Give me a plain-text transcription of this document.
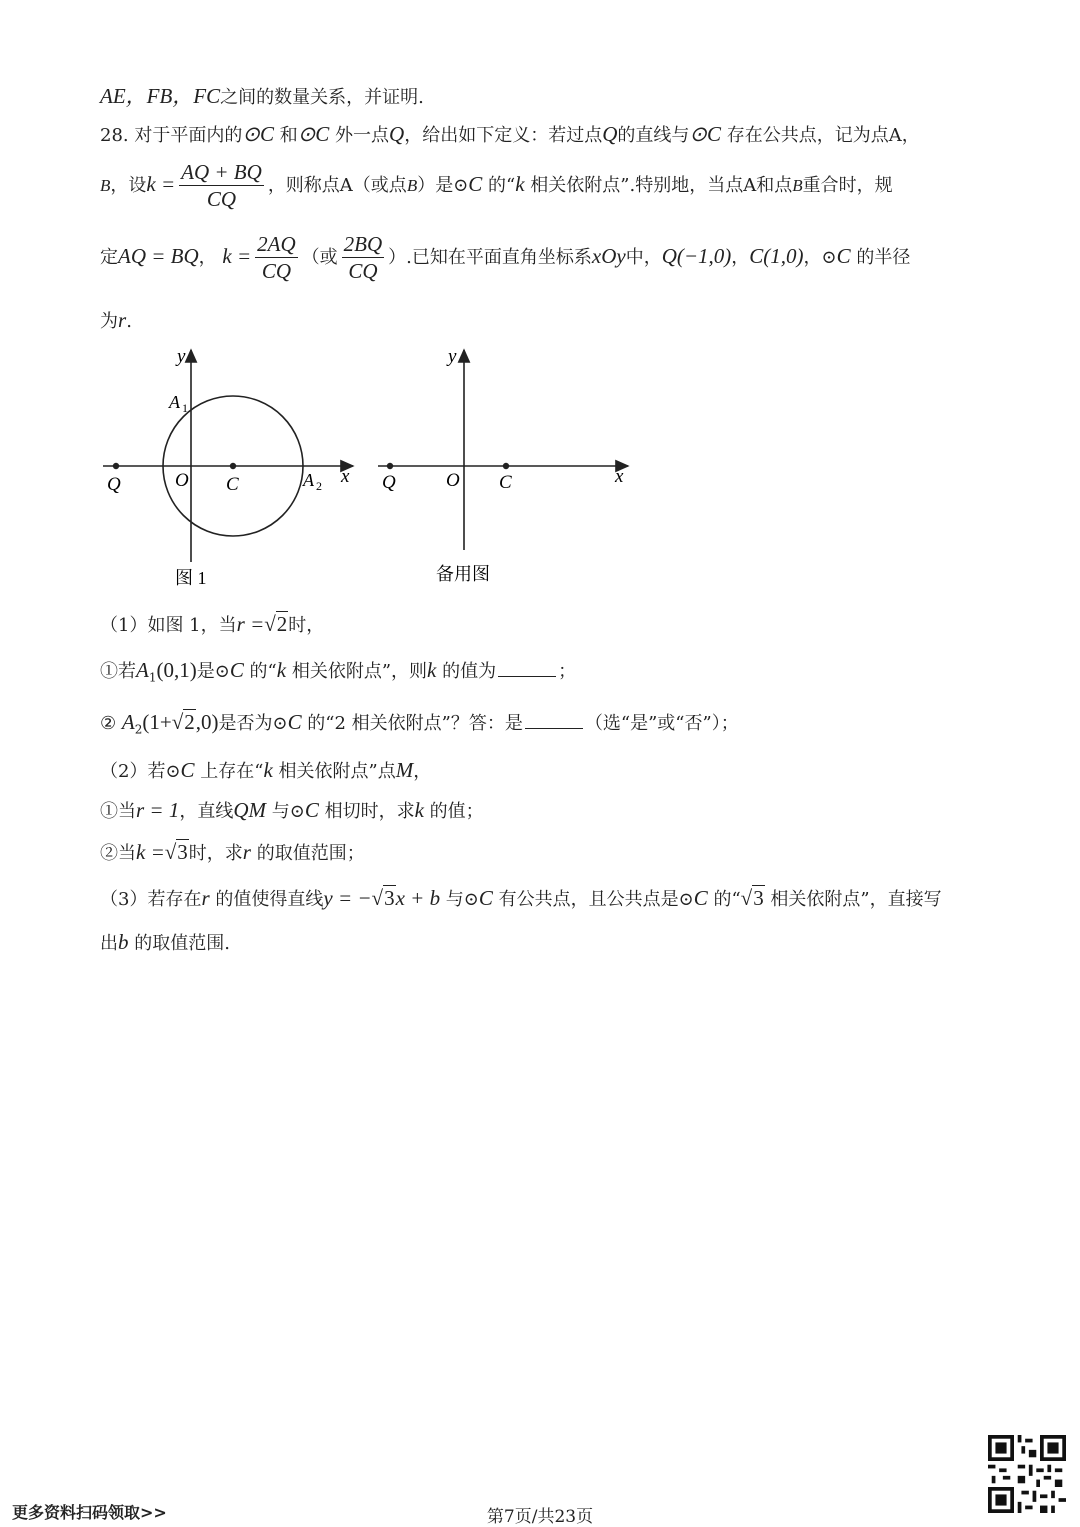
AE，FB，FC之间的数量关系，并证明.
28. 对于平面内的⊙C 和⊙C 外一点Q，给出如下定义：若过点Q的直线与⊙C 存在公共点，记为点A，
B，设$k = \frac{AQ + BQ}{CQ}$ ，则称点A（或点B）是⊙C 的“k 相关依附点”.特别地，当点A和点B重合时，规
定AQ = BQ， $k = \frac{2AQ}{CQ}$ （或 $\frac{2BQ}{CQ}$ ）.已知在平面直角坐标系xOy中，Q(−1,0)，C(1,0)，⊙C 的半径
为r.
y
x
O C
Q
A 1
A 2
图 1
y
x
O C
Q
备用图
（1）如图 1，当r =√2时，
①若$A_1(0,1)$是⊙C 的“k 相关依附点”，则k 的值为	；
② $A_2(1+√2,0)$是否为⊙C 的“2 相关依附点”？答：是	（选“是”或“否”）；
（2）若⊙C 上存在“k 相关依附点”点M，
①当r = 1，直线QM 与⊙C 相切时，求k 的值；
②当k =√3时，求r 的取值范围；
（3）若存在r 的值使得直线y = −√3x + b 与⊙C 有公共点，且公共点是⊙C 的“√3 相关依附点”，直接写
出b 的取值范围.
更多资料扫码领取>>	第7页/共23页
